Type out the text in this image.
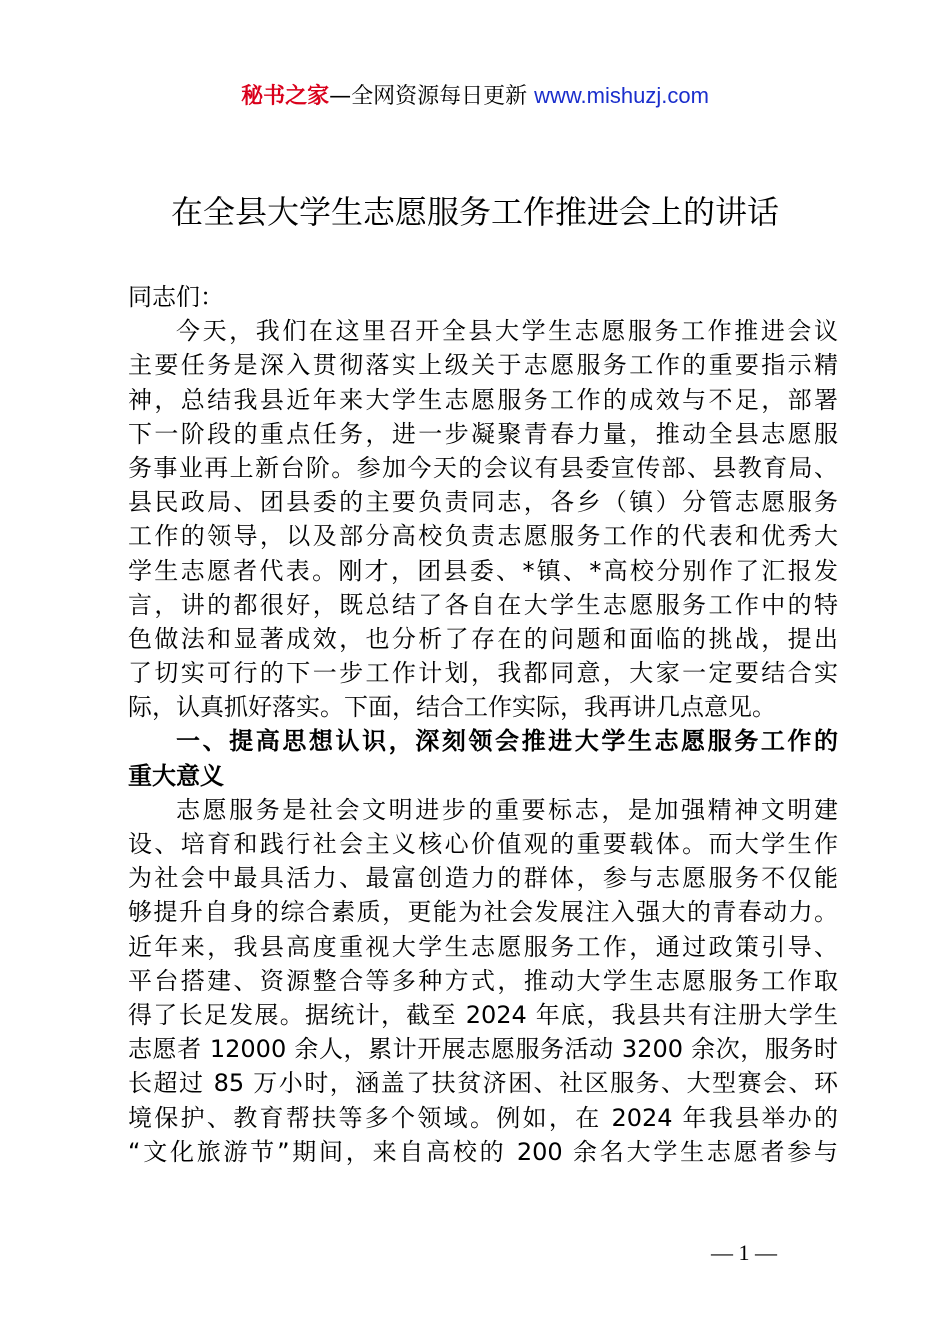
秘书之家—全网资源每日更新 www.mishuzj.com
在全县大学生志愿服务工作推进会上的讲话
同志们：
今天，我们在这里召开全县大学生志愿服务工作推进会议
主要任务是深入贯彻落实上级关于志愿服务工作的重要指示精
神，总结我县近年来大学生志愿服务工作的成效与不足，部署
下一阶段的重点任务，进一步凝聚青春力量，推动全县志愿服
务事业再上新台阶。参加今天的会议有县委宣传部、县教育局、
县民政局、团县委的主要负责同志，各乡（镇）分管志愿服务
工作的领导，以及部分高校负责志愿服务工作的代表和优秀大
学生志愿者代表。刚才，团县委、*镇、*高校分别作了汇报发
言，讲的都很好，既总结了各自在大学生志愿服务工作中的特
色做法和显著成效，也分析了存在的问题和面临的挑战，提出
了切实可行的下一步工作计划，我都同意，大家一定要结合实
际，认真抓好落实。下面，结合工作实际，我再讲几点意见。
一、提高思想认识，深刻领会推进大学生志愿服务工作的
重大意义
志愿服务是社会文明进步的重要标志，是加强精神文明建
设、培育和践行社会主义核心价值观的重要载体。而大学生作
为社会中最具活力、最富创造力的群体，参与志愿服务不仅能
够提升自身的综合素质，更能为社会发展注入强大的青春动力。
近年来，我县高度重视大学生志愿服务工作，通过政策引导、
平台搭建、资源整合等多种方式，推动大学生志愿服务工作取
得了长足发展。据统计，截至 2024 年底，我县共有注册大学生
志愿者 12000 余人，累计开展志愿服务活动 3200 余次，服务时
长超过 85 万小时，涵盖了扶贫济困、社区服务、大型赛会、环
境保护、教育帮扶等多个领域。例如，在 2024 年我县举办的
“文化旅游节”期间，来自高校的 200 余名大学生志愿者参与
— 1 —
